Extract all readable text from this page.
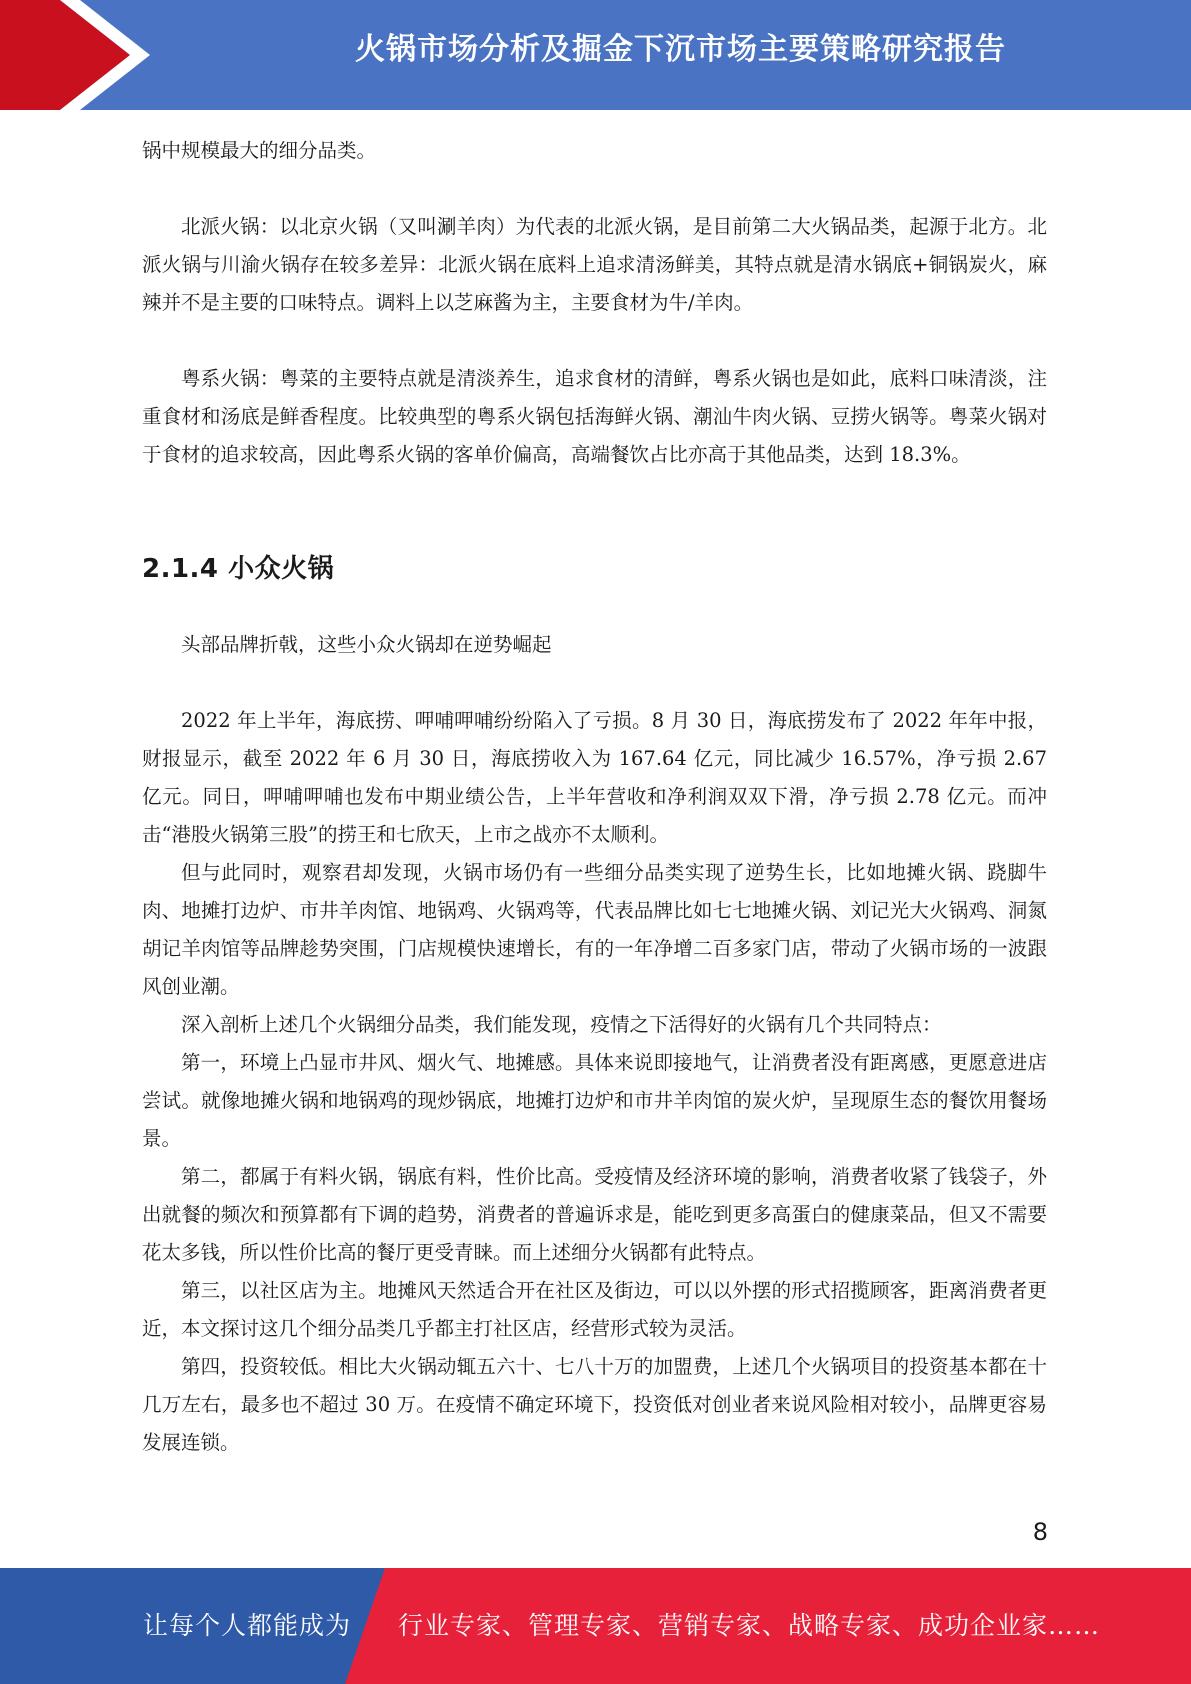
火锅市场分析及掘金下沉市场主要策略研究报告

锅中规模最大的细分品类。

北派火锅：以北京火锅（又叫涮羊肉）为代表的北派火锅，是目前第二大火锅品类，起源于北方。北派火锅与川渝火锅存在较多差异：北派火锅在底料上追求清汤鲜美，其特点就是清水锅底+铜锅炭火，麻辣并不是主要的口味特点。调料上以芝麻酱为主，主要食材为牛/羊肉。

粤系火锅：粤菜的主要特点就是清淡养生，追求食材的清鲜，粤系火锅也是如此，底料口味清淡，注重食材和汤底是鲜香程度。比较典型的粤系火锅包括海鲜火锅、潮汕牛肉火锅、豆捞火锅等。粤菜火锅对于食材的追求较高，因此粤系火锅的客单价偏高，高端餐饮占比亦高于其他品类，达到 18.3%。

2.1.4 小众火锅

头部品牌折戟，这些小众火锅却在逆势崛起

2022 年上半年，海底捞、呷哺呷哺纷纷陷入了亏损。8 月 30 日，海底捞发布了 2022 年年中报，财报显示，截至 2022 年 6 月 30 日，海底捞收入为 167.64 亿元，同比减少 16.57%，净亏损 2.67 亿元。同日，呷哺呷哺也发布中期业绩公告，上半年营收和净利润双双下滑，净亏损 2.78 亿元。而冲击“港股火锅第三股”的捞王和七欣天，上市之战亦不太顺利。

但与此同时，观察君却发现，火锅市场仍有一些细分品类实现了逆势生长，比如地摊火锅、跷脚牛肉、地摊打边炉、市井羊肉馆、地锅鸡、火锅鸡等，代表品牌比如七七地摊火锅、刘记光大火锅鸡、洞氮胡记羊肉馆等品牌趁势突围，门店规模快速增长，有的一年净增二百多家门店，带动了火锅市场的一波跟风创业潮。

深入剖析上述几个火锅细分品类，我们能发现，疫情之下活得好的火锅有几个共同特点：

第一，环境上凸显市井风、烟火气、地摊感。具体来说即接地气，让消费者没有距离感，更愿意进店尝试。就像地摊火锅和地锅鸡的现炒锅底，地摊打边炉和市井羊肉馆的炭火炉，呈现原生态的餐饮用餐场景。

第二，都属于有料火锅，锅底有料，性价比高。受疫情及经济环境的影响，消费者收紧了钱袋子，外出就餐的频次和预算都有下调的趋势，消费者的普遍诉求是，能吃到更多高蛋白的健康菜品，但又不需要花太多钱，所以性价比高的餐厅更受青睐。而上述细分火锅都有此特点。

第三，以社区店为主。地摊风天然适合开在社区及街边，可以以外摆的形式招揽顾客，距离消费者更近，本文探讨这几个细分品类几乎都主打社区店，经营形式较为灵活。

第四，投资较低。相比大火锅动辄五六十、七八十万的加盟费，上述几个火锅项目的投资基本都在十几万左右，最多也不超过 30 万。在疫情不确定环境下，投资低对创业者来说风险相对较小，品牌更容易发展连锁。

8
让每个人都能成为 行业专家、管理专家、营销专家、战略专家、成功企业家……
